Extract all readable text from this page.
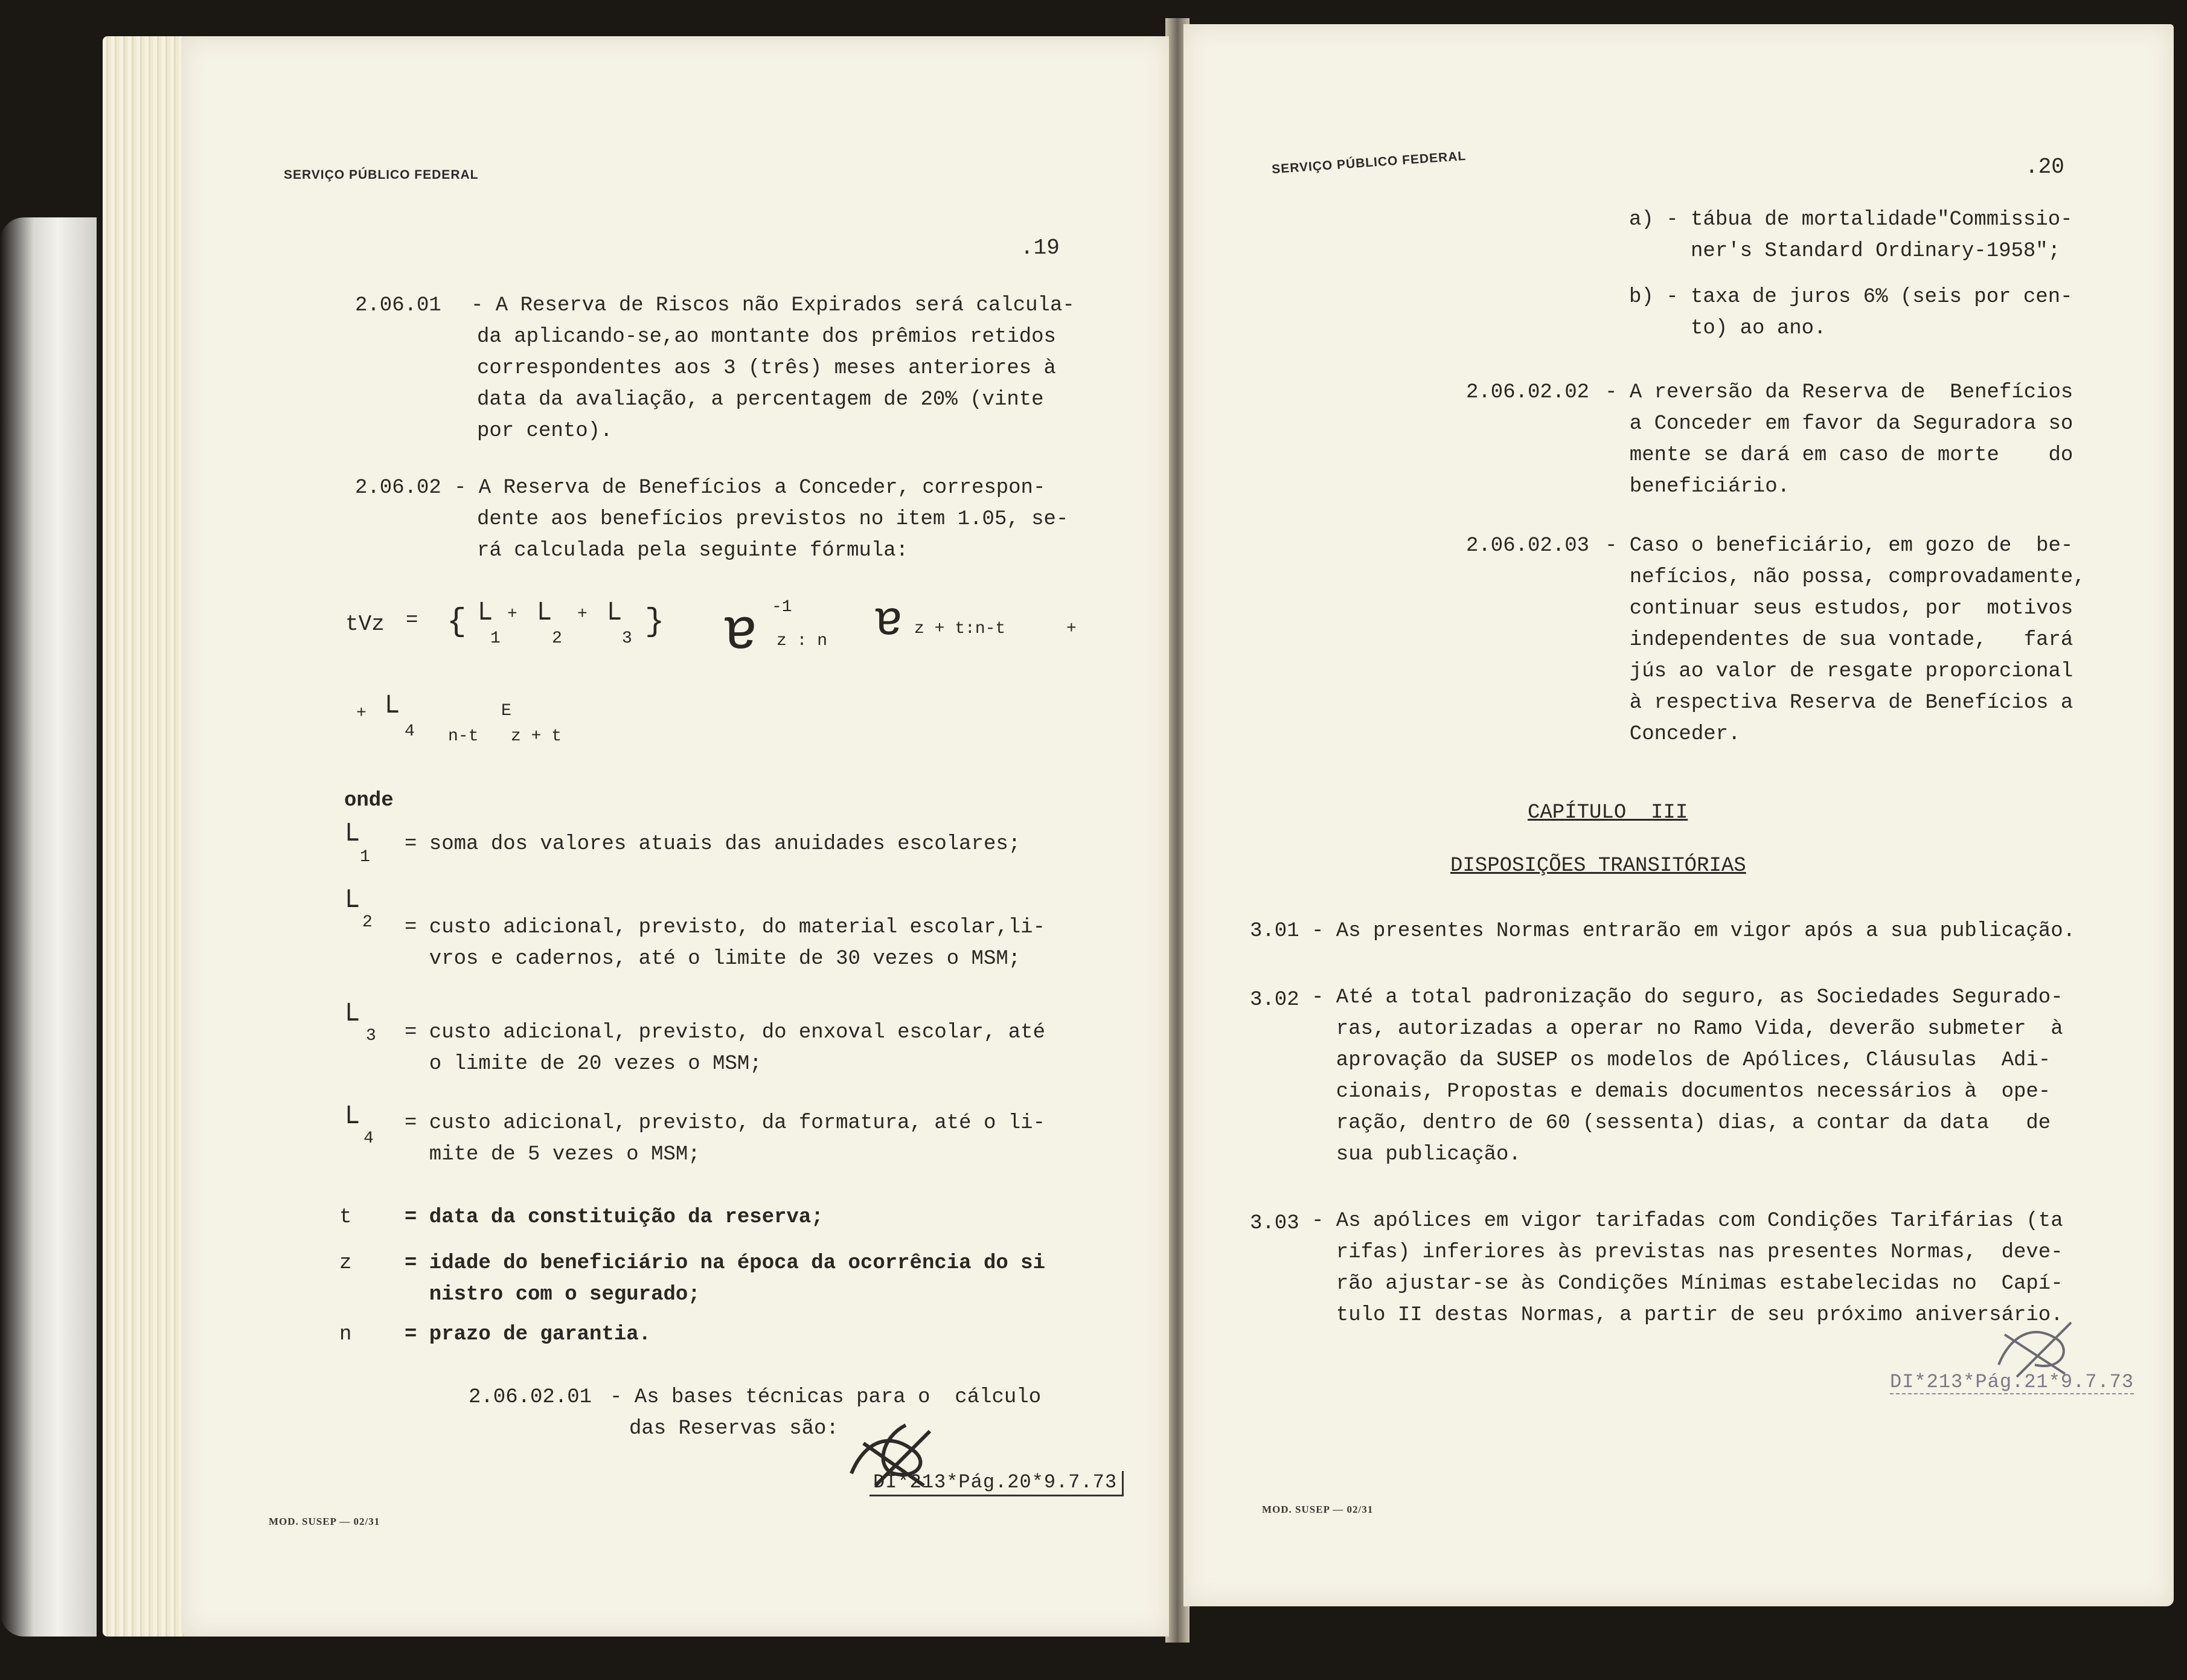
SERVIÇO PÚBLICO FEDERAL
.19
2.06.01 - A Reserva de Riscos não Expirados será calcula-
da aplicando-se,ao montante dos prêmios retidos
correspondentes aos 3 (três) meses anteriores à
data da avaliação, a percentagem de 20% (vinte
por cento).
2.06.02 - A Reserva de Benefícios a Conceder, correspon-
dente aos benefícios previstos no item 1.05, se-
rá calculada pela seguinte fórmula:
tVz = { └
1
+ └
2
+ └
3 } ɐ -1
z : n ɐ z + t:n-t	+
+ └
4 n-t
E
z + t
onde
└ 1
= soma dos valores atuais das anuidades escolares;
└ 2 = custo adicional, previsto, do material escolar,li-
vros e cadernos, até o limite de 30 vezes o MSM;
└ 3 = custo adicional, previsto, do enxoval escolar, até
o limite de 20 vezes o MSM;
└ 4
= custo adicional, previsto, da formatura, até o li-
mite de 5 vezes o MSM;
t	= data da constituição da reserva;
z	= idade do beneficiário na época da ocorrência do si
nistro com o segurado;
n	= prazo de garantia.
2.06.02.01 - As bases técnicas para o  cálculo
das Reservas são:
DI*213*Pág.20*9.7.73
MOD. SUSEP — 02/31
SERVIÇO PÚBLICO FEDERAL	.20
a) - tábua de mortalidade"Commissio-
ner's Standard Ordinary-1958";
b) - taxa de juros 6% (seis por cen-
to) ao ano.
2.06.02.02 - A reversão da Reserva de  Benefícios
a Conceder em favor da Seguradora so
mente se dará em caso de morte    do
beneficiário.
2.06.02.03 - Caso o beneficiário, em gozo de  be-
nefícios, não possa, comprovadamente,
continuar seus estudos, por  motivos
independentes de sua vontade,   fará
jús ao valor de resgate proporcional
à respectiva Reserva de Benefícios a
Conceder.
CAPÍTULO  III
DISPOSIÇÕES TRANSITÓRIAS
3.01 - As presentes Normas entrarão em vigor após a sua publicação.
3.02 - Até a total padronização do seguro, as Sociedades Segurado-
ras, autorizadas a operar no Ramo Vida, deverão submeter  à
aprovação da SUSEP os modelos de Apólices, Cláusulas  Adi-
cionais, Propostas e demais documentos necessários à  ope-
ração, dentro de 60 (sessenta) dias, a contar da data   de
sua publicação.
3.03 - As apólices em vigor tarifadas com Condições Tarifárias (ta
rifas) inferiores às previstas nas presentes Normas,  deve-
rão ajustar-se às Condições Mínimas estabelecidas no  Capí-
tulo II destas Normas, a partir de seu próximo aniversário.
DI*213*Pág.21*9.7.73
MOD. SUSEP — 02/31
